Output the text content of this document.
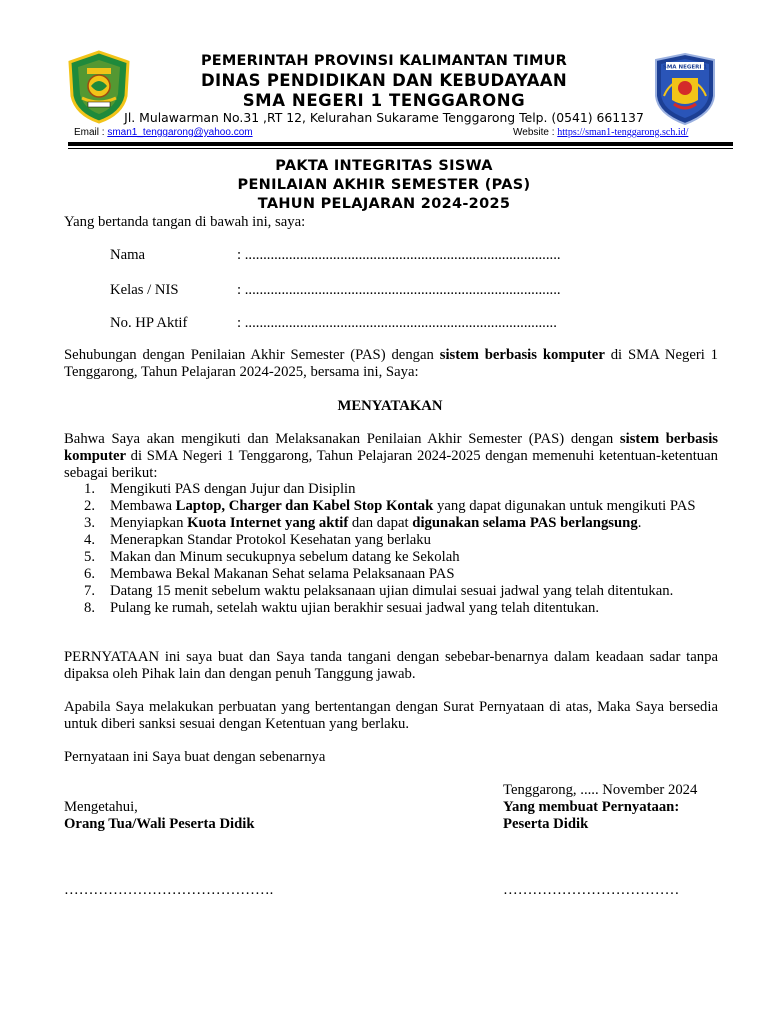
SMA NEGERI 1
PEMERINTAH PROVINSI KALIMANTAN TIMUR
DINAS PENDIDIKAN DAN KEBUDAYAAN
SMA NEGERI 1 TENGGARONG
Jl. Mulawarman No.31 ,RT 12, Kelurahan Sukarame Tenggarong Telp. (0541) 661137
Email : sman1_tenggarong@yahoo.com	Website : https://sman1-tenggarong.sch.id/
PAKTA INTEGRITAS SISWA
PENILAIAN AKHIR SEMESTER (PAS)
TAHUN PELAJARAN 2024-2025
Yang bertanda tangan di bawah ini, saya:
Nama	: ......................................................................................
Kelas / NIS	: ......................................................................................
No. HP Aktif	: .....................................................................................
Sehubungan dengan Penilaian Akhir Semester (PAS) dengan sistem berbasis komputer di SMA Negeri 1 Tenggarong, Tahun Pelajaran 2024-2025, bersama ini, Saya:
MENYATAKAN
Bahwa Saya akan mengikuti dan Melaksanakan Penilaian Akhir Semester (PAS) dengan sistem berbasis komputer di SMA Negeri 1 Tenggarong, Tahun Pelajaran 2024-2025 dengan memenuhi ketentuan-ketentuan sebagai berikut:
1. Mengikuti PAS dengan Jujur dan Disiplin
2. Membawa Laptop, Charger dan Kabel Stop Kontak yang dapat digunakan untuk mengikuti PAS
3. Menyiapkan Kuota Internet yang aktif dan dapat digunakan selama PAS berlangsung.
4. Menerapkan Standar Protokol Kesehatan yang berlaku
5. Makan dan Minum secukupnya sebelum datang ke Sekolah
6. Membawa Bekal Makanan Sehat selama Pelaksanaan PAS
7. Datang 15 menit sebelum waktu pelaksanaan ujian dimulai sesuai jadwal yang telah ditentukan.
8. Pulang ke rumah, setelah waktu ujian berakhir sesuai jadwal yang telah ditentukan.
PERNYATAAN ini saya buat dan Saya tanda tangani dengan sebebar-benarnya dalam keadaan sadar tanpa dipaksa oleh Pihak lain dan dengan penuh Tanggung jawab.
Apabila Saya melakukan perbuatan yang bertentangan dengan Surat Pernyataan di atas, Maka Saya bersedia untuk diberi sanksi sesuai dengan Ketentuan yang berlaku.
Pernyataan ini Saya buat dengan sebenarnya
Tenggarong, ..... November 2024
Mengetahui,
Orang Tua/Wali Peserta Didik
Yang membuat Pernyataan:
Peserta Didik
…………………………………….	………………………………
